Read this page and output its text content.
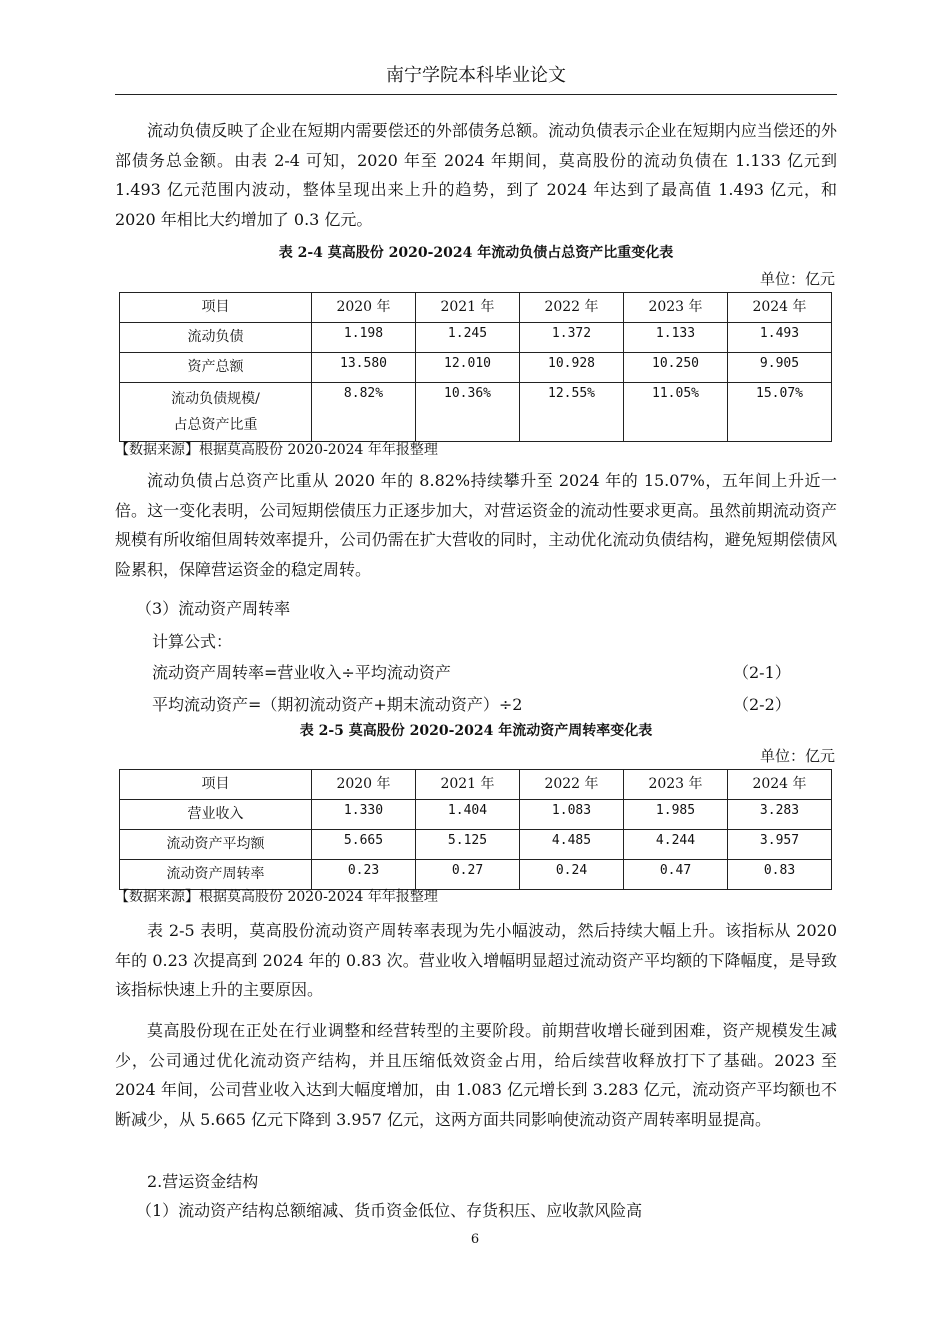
南宁学院本科毕业论文

流动负债反映了企业在短期内需要偿还的外部债务总额。流动负债表示企业在短期内应当偿还的外部债务总金额。由表 2-4 可知，2020 年至 2024 年期间，莫高股份的流动负债在 1.133 亿元到 1.493 亿元范围内波动，整体呈现出来上升的趋势，到了 2024 年达到了最高值 1.493 亿元，和 2020 年相比大约增加了 0.3 亿元。

表 2-4 莫高股份 2020-2024 年流动负债占总资产比重变化表
单位：亿元
项目	2020 年	2021 年	2022 年	2023 年	2024 年
流动负债	1.198	1.245	1.372	1.133	1.493
资产总额	13.580	12.010	10.928	10.250	9.905
流动负债规模/
占总资产比重	8.82%	10.36%	12.55%	11.05%	15.07%
【数据来源】根据莫高股份 2020-2024 年年报整理

流动负债占总资产比重从 2020 年的 8.82%持续攀升至 2024 年的 15.07%，五年间上升近一倍。这一变化表明，公司短期偿债压力正逐步加大，对营运资金的流动性要求更高。虽然前期流动资产规模有所收缩但周转效率提升，公司仍需在扩大营收的同时，主动优化流动负债结构，避免短期偿债风险累积，保障营运资金的稳定周转。

（3）流动资产周转率
计算公式：
流动资产周转率=营业收入÷平均流动资产	（2-1）
平均流动资产=（期初流动资产+期末流动资产）÷2	（2-2）
表 2-5 莫高股份 2020-2024 年流动资产周转率变化表
单位：亿元
项目	2020 年	2021 年	2022 年	2023 年	2024 年
营业收入	1.330	1.404	1.083	1.985	3.283
流动资产平均额	5.665	5.125	4.485	4.244	3.957
流动资产周转率	0.23	0.27	0.24	0.47	0.83
【数据来源】根据莫高股份 2020-2024 年年报整理

表 2-5 表明，莫高股份流动资产周转率表现为先小幅波动，然后持续大幅上升。该指标从 2020 年的 0.23 次提高到 2024 年的 0.83 次。营业收入增幅明显超过流动资产平均额的下降幅度，是导致该指标快速上升的主要原因。

莫高股份现在正处在行业调整和经营转型的主要阶段。前期营收增长碰到困难，资产规模发生减少，公司通过优化流动资产结构，并且压缩低效资金占用，给后续营收释放打下了基础。2023 至 2024 年间，公司营业收入达到大幅度增加，由 1.083 亿元增长到 3.283 亿元，流动资产平均额也不断减少，从 5.665 亿元下降到 3.957 亿元，这两方面共同影响使流动资产周转率明显提高。

2.营运资金结构
（1）流动资产结构总额缩减、货币资金低位、存货积压、应收款风险高
6
